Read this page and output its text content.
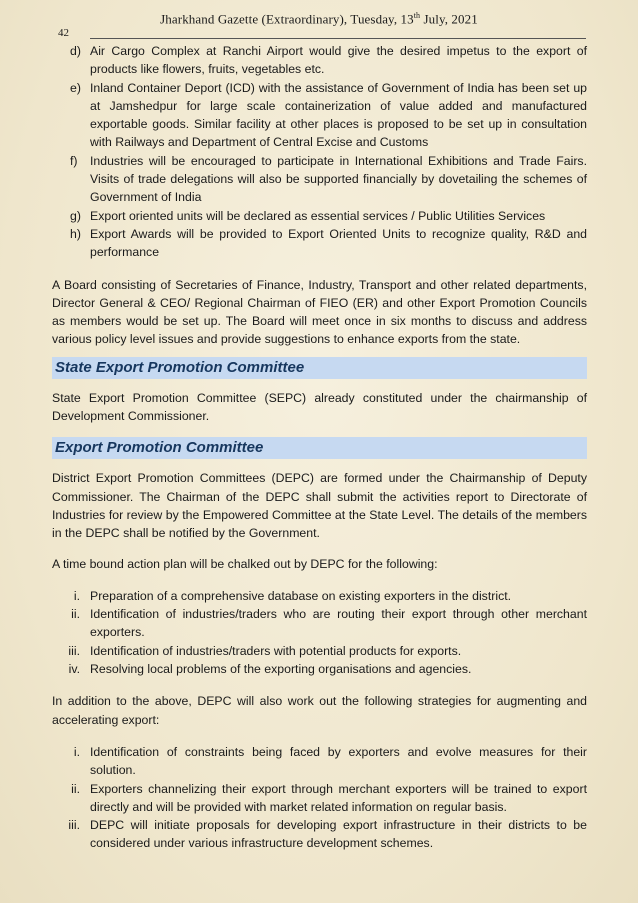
Jharkhand Gazette (Extraordinary), Tuesday, 13th July, 2021
42
d) Air Cargo Complex at Ranchi Airport would give the desired impetus to the export of products like flowers, fruits, vegetables etc.
e) Inland Container Deport (ICD) with the assistance of Government of India has been set up at Jamshedpur for large scale containerization of value added and manufactured exportable goods. Similar facility at other places is proposed to be set up in consultation with Railways and Department of Central Excise and Customs
f) Industries will be encouraged to participate in International Exhibitions and Trade Fairs. Visits of trade delegations will also be supported financially by dovetailing the schemes of Government of India
g) Export oriented units will be declared as essential services / Public Utilities Services
h) Export Awards will be provided to Export Oriented Units to recognize quality, R&D and performance

A Board consisting of Secretaries of Finance, Industry, Transport and other related departments, Director General & CEO/ Regional Chairman of FIEO (ER) and other Export Promotion Councils as members would be set up. The Board will meet once in six months to discuss and address various policy level issues and provide suggestions to enhance exports from the state.

State Export Promotion Committee

State Export Promotion Committee (SEPC) already constituted under the chairmanship of Development Commissioner.

Export Promotion Committee

District Export Promotion Committees (DEPC) are formed under the Chairmanship of Deputy Commissioner. The Chairman of the DEPC shall submit the activities report to Directorate of Industries for review by the Empowered Committee at the State Level. The details of the members in the DEPC shall be notified by the Government.

A time bound action plan will be chalked out by DEPC for the following:

i. Preparation of a comprehensive database on existing exporters in the district.
ii. Identification of industries/traders who are routing their export through other merchant exporters.
iii. Identification of industries/traders with potential products for exports.
iv. Resolving local problems of the exporting organisations and agencies.

In addition to the above, DEPC will also work out the following strategies for augmenting and accelerating export:

i. Identification of constraints being faced by exporters and evolve measures for their solution.
ii. Exporters channelizing their export through merchant exporters will be trained to export directly and will be provided with market related information on regular basis.
iii. DEPC will initiate proposals for developing export infrastructure in their districts to be considered under various infrastructure development schemes.
